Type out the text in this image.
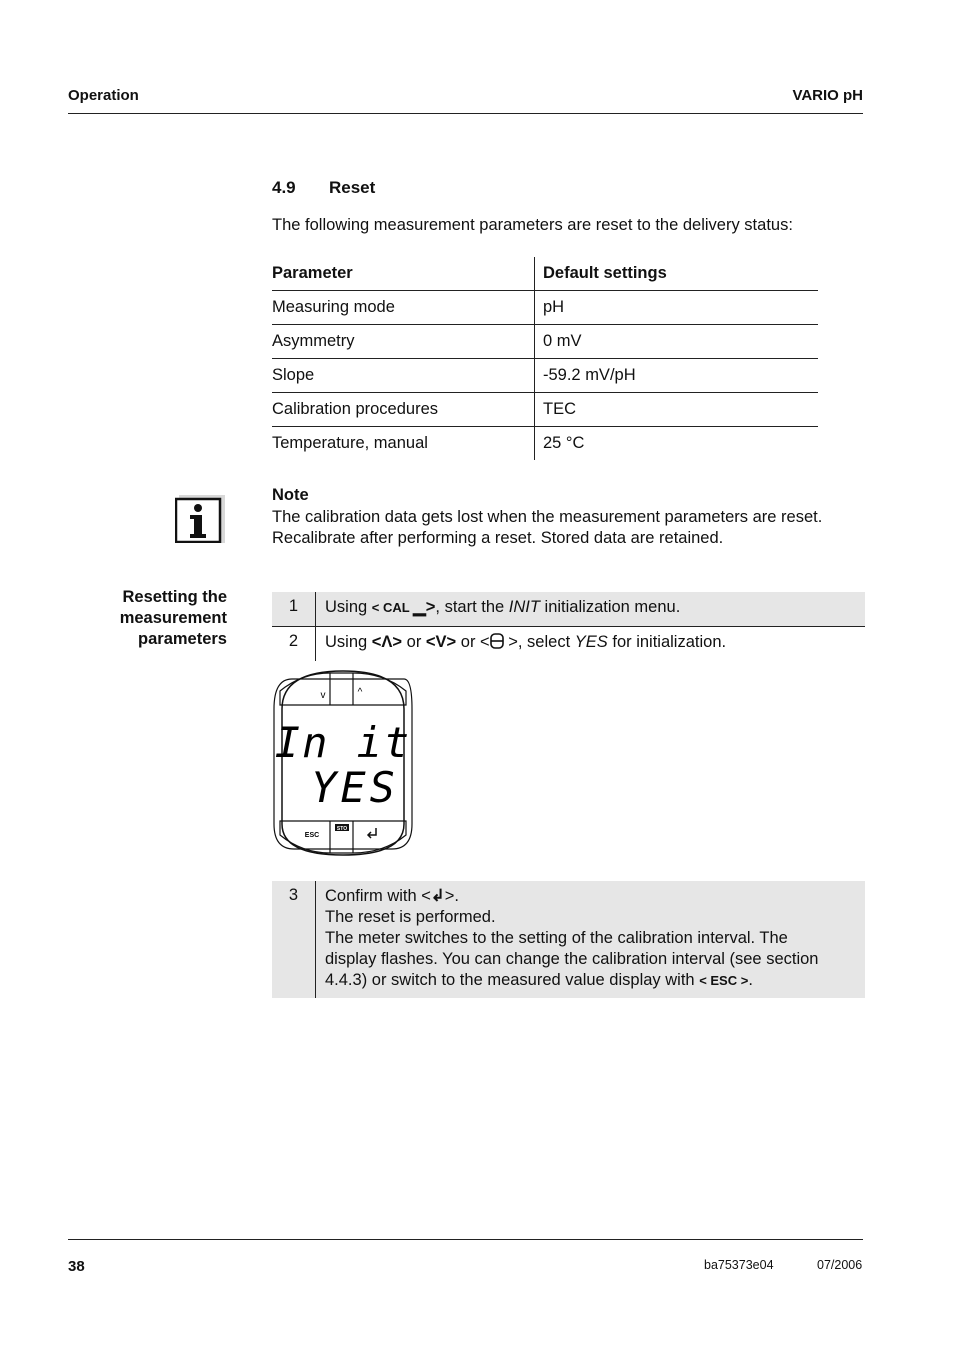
Operation	VARIO pH
4.9 Reset
The following measurement parameters are reset to the delivery status:
Parameter	Default settings
Measuring mode	pH
Asymmetry	0 mV
Slope	-59.2 mV/pH
Calibration procedures	TEC
Temperature, manual	25 °C
Note
The calibration data gets lost when the measurement parameters are reset.
Recalibrate after performing a reset. Stored data are retained.
Resetting the
measurement
parameters
1	Using < CAL ▁>, start the INIT initialization menu.
2	Using <Λ> or <V> or < >, select YES for initialization.
v	^
In it
YES
ESC
STO
3	Confirm with <↲>.
The reset is performed.
The meter switches to the setting of the calibration interval. The
display flashes. You can change the calibration interval (see section
4.4.3) or switch to the measured value display with < ESC >.
38	ba75373e04	07/2006
